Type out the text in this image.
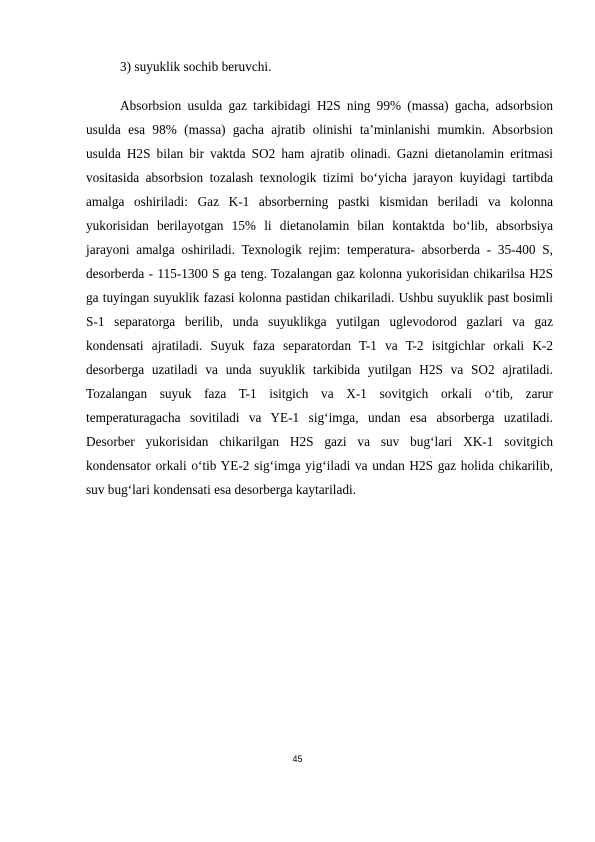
3) suyuklik sochib beruvchi.

Absorbsion usulda gaz tarkibidagi H2S ning 99% (massa) gacha, adsorbsion usulda esa 98% (massa) gacha ajratib olinishi ta’minlanishi mumkin. Absorbsion usulda H2S bilan bir vaktda SO2 ham ajratib olinadi. Gazni dietanolamin eritmasi vositasida absorbsion tozalash texnologik tizimi bo‘yicha jarayon kuyidagi tartibda amalga oshiriladi: Gaz K-1 absorberning pastki kismidan beriladi va kolonna yukorisidan berilayotgan 15% li dietanolamin bilan kontaktda bo‘lib, absorbsiya jarayoni amalga oshiriladi. Texnologik rejim: temperatura- absorberda - 35-400 S, desorberda - 115-1300 S ga teng. Tozalangan gaz kolonna yukorisidan chikarilsa H2S ga tuyingan suyuklik fazasi kolonna pastidan chikariladi. Ushbu suyuklik past bosimli S-1 separatorga berilib, unda suyuklikga yutilgan uglevodorod gazlari va gaz kondensati ajratiladi. Suyuk faza separatordan T-1 va T-2 isitgichlar orkali K-2 desorberga uzatiladi va unda suyuklik tarkibida yutilgan H2S va SO2 ajratiladi. Tozalangan suyuk faza T-1 isitgich va X-1 sovitgich orkali o‘tib, zarur temperaturagacha sovitiladi va YE-1 sig‘imga, undan esa absorberga uzatiladi. Desorber yukorisidan chikarilgan H2S gazi va suv bug‘lari XK-1 sovitgich kondensator orkali o‘tib YE-2 sig‘imga yig‘iladi va undan H2S gaz holida chikarilib, suv bug‘lari kondensati esa desorberga kaytariladi.

45
